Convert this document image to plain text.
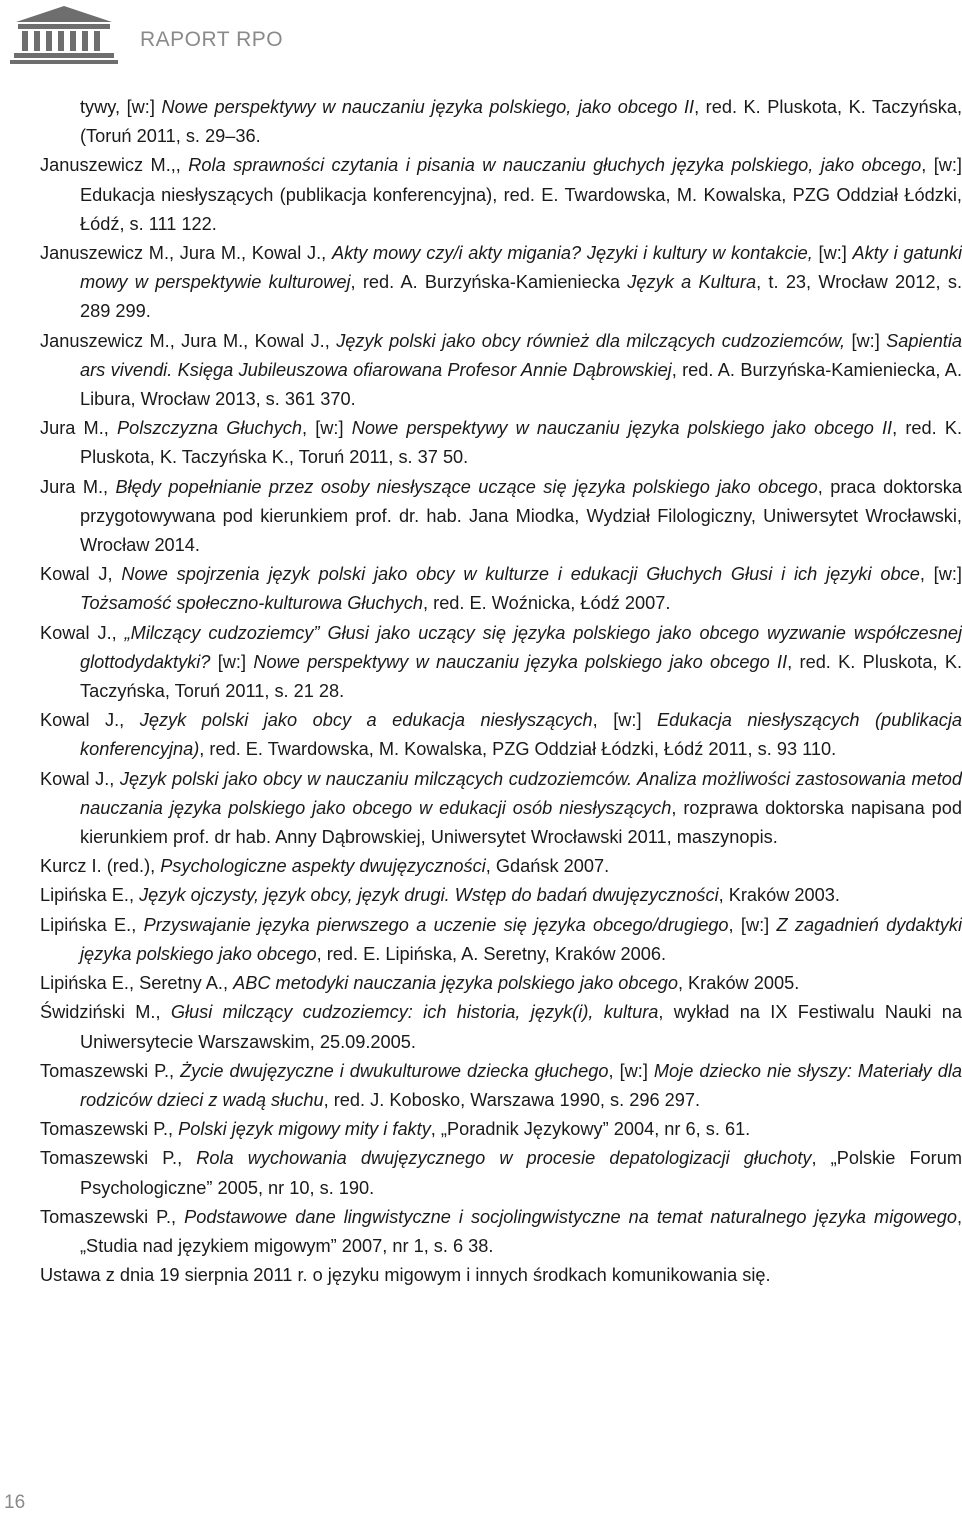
RAPORT RPO
tywy, [w:] Nowe perspektywy w nauczaniu języka polskiego, jako obcego II, red. K. Pluskota, K. Taczyńska, (Toruń 2011, s. 29–36.
Januszewicz M.,, Rola sprawności czytania i pisania w nauczaniu głuchych języka polskiego, jako obcego, [w:] Edukacja niesłyszących (publikacja konferencyjna), red. E. Twardowska, M. Kowalska, PZG Oddział Łódzki, Łódź, s. 111 122.
Januszewicz M., Jura M., Kowal J., Akty mowy czy/i akty migania? Języki i kultury w kontakcie, [w:] Akty i gatunki mowy w perspektywie kulturowej, red. A. Burzyńska-Kamieniecka Język a Kultura, t. 23, Wrocław 2012, s. 289 299.
Januszewicz M., Jura M., Kowal J., Język polski jako obcy również dla milczących cudzoziemców, [w:] Sapientia ars vivendi. Księga Jubileuszowa ofiarowana Profesor Annie Dąbrowskiej, red. A. Burzyńska-Kamieniecka, A. Libura, Wrocław 2013, s. 361 370.
Jura M., Polszczyzna Głuchych, [w:] Nowe perspektywy w nauczaniu języka polskiego jako obcego II, red. K. Pluskota, K. Taczyńska K., Toruń 2011, s. 37 50.
Jura M., Błędy popełnianie przez osoby niesłyszące uczące się języka polskiego jako obcego, praca doktorska przygotowywana pod kierunkiem prof. dr. hab. Jana Miodka, Wydział Filologiczny, Uniwersytet Wrocławski, Wrocław 2014.
Kowal J, Nowe spojrzenia język polski jako obcy w kulturze i edukacji Głuchych Głusi i ich języki obce, [w:] Tożsamość społeczno-kulturowa Głuchych, red. E. Woźnicka, Łódź 2007.
Kowal J., „Milczący cudzoziemcy” Głusi jako uczący się języka polskiego jako obcego wyzwanie współczesnej glottodydaktyki? [w:] Nowe perspektywy w nauczaniu języka polskiego jako obcego II, red. K. Pluskota, K. Taczyńska, Toruń 2011, s. 21 28.
Kowal J., Język polski jako obcy a edukacja niesłyszących, [w:] Edukacja niesłyszących (publikacja konferencyjna), red. E. Twardowska, M. Kowalska, PZG Oddział Łódzki, Łódź 2011, s. 93 110.
Kowal J., Język polski jako obcy w nauczaniu milczących cudzoziemców. Analiza możliwości zastosowania metod nauczania języka polskiego jako obcego w edukacji osób niesłyszących, rozprawa doktorska napisana pod kierunkiem prof. dr hab. Anny Dąbrowskiej, Uniwersytet Wrocławski 2011, maszynopis.
Kurcz I. (red.), Psychologiczne aspekty dwujęzyczności, Gdańsk 2007.
Lipińska E., Język ojczysty, język obcy, język drugi. Wstęp do badań dwujęzyczności, Kraków 2003.
Lipińska E., Przyswajanie języka pierwszego a uczenie się języka obcego/drugiego, [w:] Z zagadnień dydaktyki języka polskiego jako obcego, red. E. Lipińska, A. Seretny, Kraków 2006.
Lipińska E., Seretny A., ABC metodyki nauczania języka polskiego jako obcego, Kraków 2005.
Świdziński M., Głusi milczący cudzoziemcy: ich historia, język(i), kultura, wykład na IX Festiwalu Nauki na Uniwersytecie Warszawskim, 25.09.2005.
Tomaszewski P., Życie dwujęzyczne i dwukulturowe dziecka głuchego, [w:] Moje dziecko nie słyszy: Materiały dla rodziców dzieci z wadą słuchu, red. J. Kobosko, Warszawa 1990, s. 296 297.
Tomaszewski P., Polski język migowy mity i fakty, „Poradnik Językowy” 2004, nr 6, s. 61.
Tomaszewski P., Rola wychowania dwujęzycznego w procesie depatologizacji głuchoty, „Polskie Forum Psychologiczne” 2005, nr 10, s. 190.
Tomaszewski P., Podstawowe dane lingwistyczne i socjolingwistyczne na temat naturalnego języka migowego, „Studia nad językiem migowym” 2007, nr 1, s. 6 38.
Ustawa z dnia 19 sierpnia 2011 r. o języku migowym i innych środkach komunikowania się.
16
